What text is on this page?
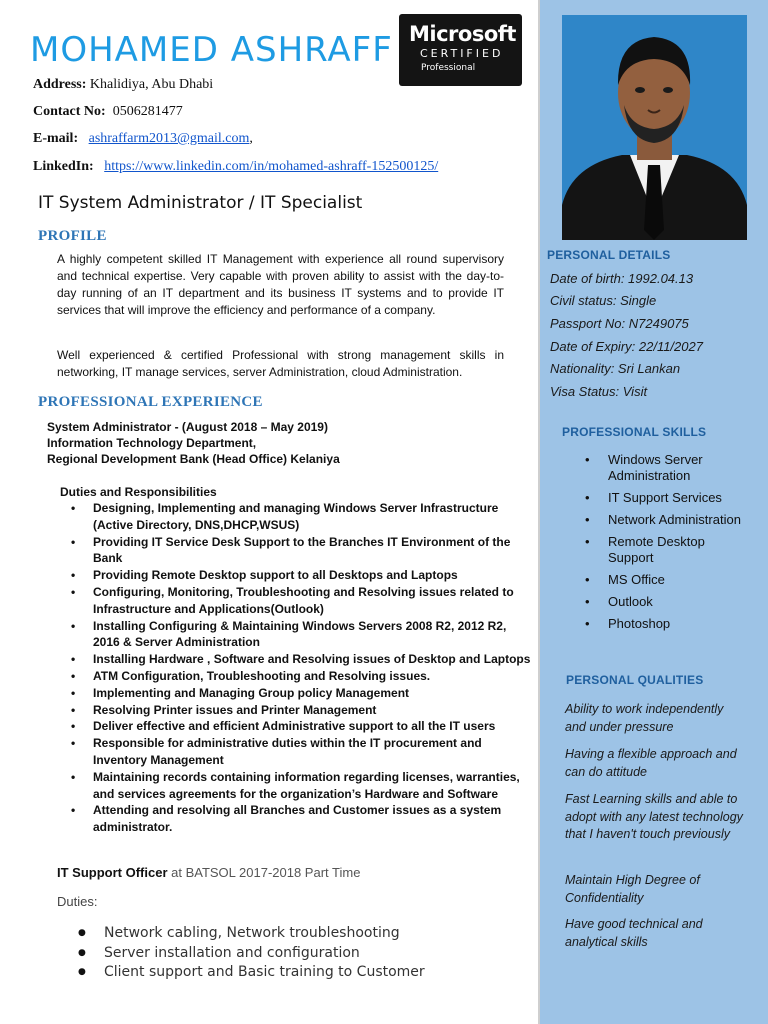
MOHAMED ASHRAFF Microsoft
CERTIFIED
Professional
Address: Khalidiya, Abu Dhabi
Contact No: 0506281477
E-mail: ashraffarm2013@gmail.com,
LinkedIn: https://www.linkedin.com/in/mohamed-ashraff-152500125/
IT System Administrator / IT Specialist
PROFILE
A highly competent skilled IT Management with experience all round supervisory and technical expertise. Very capable with proven ability to assist with the day-to-day running of an IT department and its business IT systems and to provide IT services that will improve the efficiency and performance of a company.
Well experienced & certified Professional with strong management skills in networking, IT manage services, server Administration, cloud Administration.
PROFESSIONAL EXPERIENCE
System Administrator - (August 2018 – May 2019)
Information Technology Department,
Regional Development Bank (Head Office) Kelaniya
Duties and Responsibilities
• Designing, Implementing and managing Windows Server Infrastructure (Active Directory, DNS,DHCP,WSUS)
• Providing IT Service Desk Support to the Branches IT Environment of the Bank
• Providing Remote Desktop support to all Desktops and Laptops
• Configuring, Monitoring, Troubleshooting and Resolving issues related to Infrastructure and Applications(Outlook)
• Installing Configuring & Maintaining Windows Servers 2008 R2, 2012 R2, 2016 & Server Administration
• Installing Hardware , Software and Resolving issues of Desktop and Laptops
• ATM Configuration, Troubleshooting and Resolving issues.
• Implementing and Managing Group policy Management
• Resolving Printer issues and Printer Management
• Deliver effective and efficient Administrative support to all the IT users
• Responsible for administrative duties within the IT procurement and Inventory Management
• Maintaining records containing information regarding licenses, warranties, and services agreements for the organization’s Hardware and Software
• Attending and resolving all Branches and Customer issues as a system administrator.
IT Support Officer at BATSOL 2017-2018 Part Time
Duties:
● Network cabling, Network troubleshooting
● Server installation and configuration
● Client support and Basic training to Customer
PERSONAL DETAILS
Date of birth: 1992.04.13
Civil status: Single
Passport No: N7249075
Date of Expiry: 22/11/2027
Nationality: Sri Lankan
Visa Status: Visit
PROFESSIONAL SKILLS
• Windows Server Administration
• IT Support Services
• Network Administration
• Remote Desktop Support
• MS Office
• Outlook
• Photoshop
PERSONAL QUALITIES
Ability to work independently and under pressure
Having a flexible approach and can do attitude
Fast Learning skills and able to adopt with any latest technology that I haven't touch previously
Maintain High Degree of Confidentiality
Have good technical and analytical skills
